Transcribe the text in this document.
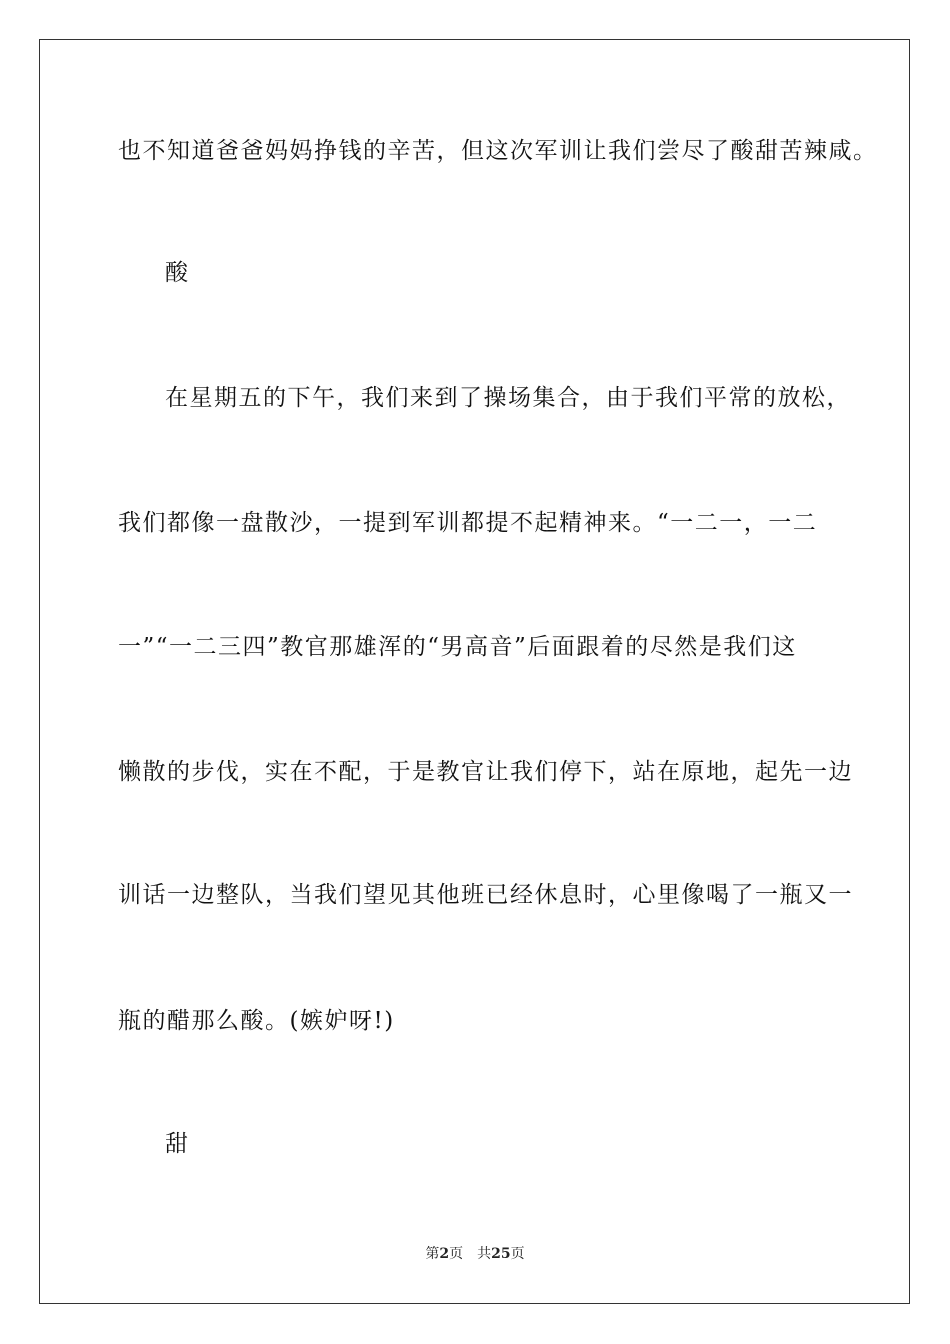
也不知道爸爸妈妈挣钱的辛苦，但这次军训让我们尝尽了酸甜苦辣咸。
酸
在星期五的下午，我们来到了操场集合，由于我们平常的放松，
我们都像一盘散沙，一提到军训都提不起精神来。“一二一，一二
一”“一二三四”教官那雄浑的“男高音”后面跟着的尽然是我们这
懒散的步伐，实在不配，于是教官让我们停下，站在原地，起先一边
训话一边整队，当我们望见其他班已经休息时，心里像喝了一瓶又一
瓶的醋那么酸。(嫉妒呀!)
甜
第2页 共25页
